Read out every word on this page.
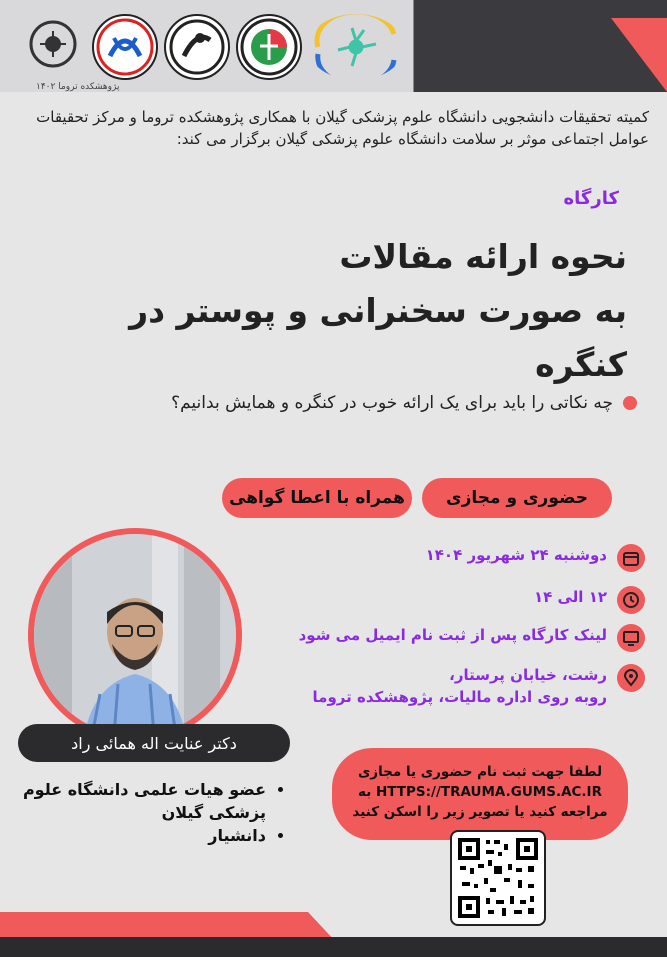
پژوهشکده تروما ۱۴۰۲
کمیته تحقیقات دانشجویی دانشگاه علوم پزشکی گیلان با همکاری پژوهشکده تروما و مرکز تحقیقات عوامل اجتماعی موثر بر سلامت دانشگاه علوم پزشکی گیلان برگزار می کند:
کارگاه
نحوه ارائه مقالات
به صورت سخنرانی و پوستر در کنگره
چه نکاتی را باید برای یک ارائه خوب در کنگره و همایش بدانیم؟
حضوری و مجازی
همراه با اعطا گواهی
دکتر عنایت اله همائی راد
• عضو هیات علمی دانشگاه علوم پزشکی گیلان
• دانشیار
دوشنبه ۲۴ شهریور ۱۴۰۴
۱۲ الی ۱۴
لینک کارگاه پس از ثبت نام ایمیل می شود
رشت، خیابان پرستار،
روبه روی اداره مالیات، پژوهشکده تروما
لطفا جهت ثبت نام حضوری یا مجازی
HTTPS://TRAUMA.GUMS.AC.IR به
مراجعه کنید یا تصویر زیر را اسکن کنید
